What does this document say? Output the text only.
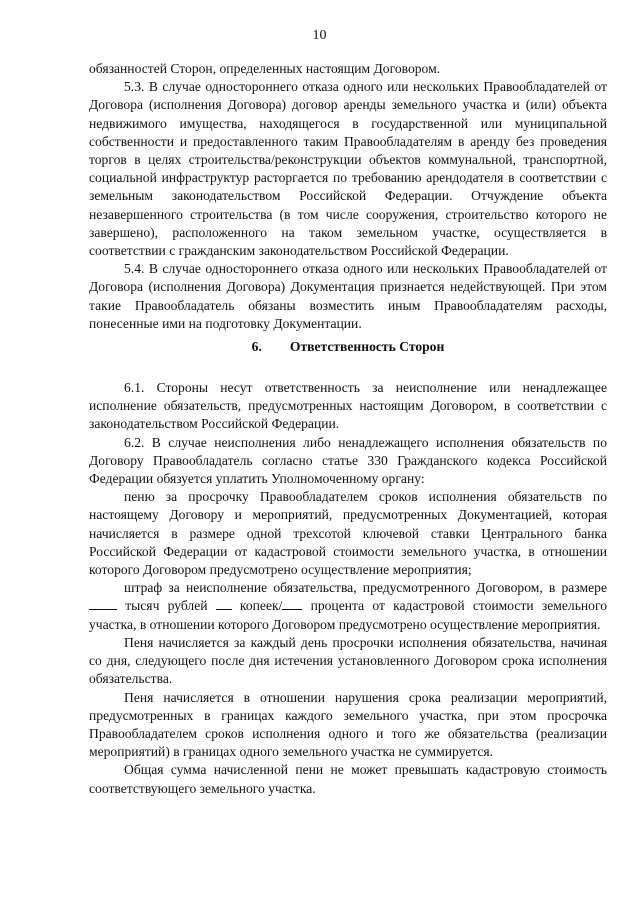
10

обязанностей Сторон, определенных настоящим Договором.

5.3. В случае одностороннего отказа одного или нескольких Правообладателей от Договора (исполнения Договора) договор аренды земельного участка и (или) объекта недвижимого имущества, находящегося в государственной или муниципальной собственности и предоставленного таким Правообладателям в аренду без проведения торгов в целях строительства/реконструкции объектов коммунальной, транспортной, социальной инфраструктур расторгается по требованию арендодателя в соответствии с земельным законодательством Российской Федерации. Отчуждение объекта незавершенного строительства (в том числе сооружения, строительство которого не завершено), расположенного на таком земельном участке, осуществляется в соответствии с гражданским законодательством Российской Федерации.

5.4. В случае одностороннего отказа одного или нескольких Правообладателей от Договора (исполнения Договора) Документация признается недействующей. При этом такие Правообладатель обязаны возместить иным Правообладателям расходы, понесенные ими на подготовку Документации.

6. Ответственность Сторон

6.1. Стороны несут ответственность за неисполнение или ненадлежащее исполнение обязательств, предусмотренных настоящим Договором, в соответствии с законодательством Российской Федерации.

6.2. В случае неисполнения либо ненадлежащего исполнения обязательств по Договору Правообладатель согласно статье 330 Гражданского кодекса Российской Федерации обязуется уплатить Уполномоченному органу:

пеню за просрочку Правообладателем сроков исполнения обязательств по настоящему Договору и мероприятий, предусмотренных Документацией, которая начисляется в размере одной трехсотой ключевой ставки Центрального банка Российской Федерации от кадастровой стоимости земельного участка, в отношении которого Договором предусмотрено осуществление мероприятия;

штраф за неисполнение обязательства, предусмотренного Договором, в размере  тысяч рублей копеек/ процента от кадастровой стоимости земельного участка, в отношении которого Договором предусмотрено осуществление мероприятия.

Пеня начисляется за каждый день просрочки исполнения обязательства, начиная со дня, следующего после дня истечения установленного Договором срока исполнения обязательства.

Пеня начисляется в отношении нарушения срока реализации мероприятий, предусмотренных в границах каждого земельного участка, при этом просрочка Правообладателем сроков исполнения одного и того же обязательства (реализации мероприятий) в границах одного земельного участка не суммируется.

Общая сумма начисленной пени не может превышать кадастровую стоимость соответствующего земельного участка.
